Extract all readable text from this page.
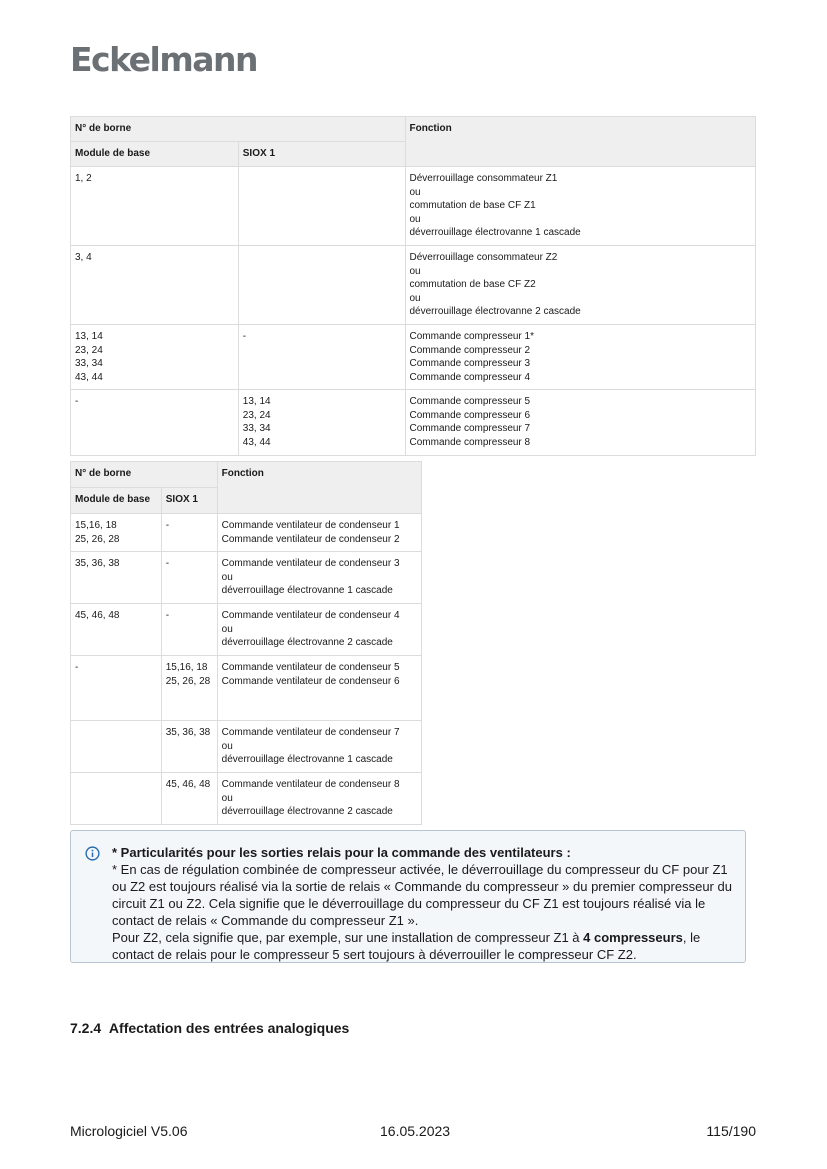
Eckelmann
N° de borne		Fonction
Module de base	SIOX 1	
1, 2		Déverrouillage consommateur Z1
ou
commutation de base CF Z1
ou
déverrouillage électrovanne 1 cascade
3, 4		Déverrouillage consommateur Z2
ou
commutation de base CF Z2
ou
déverrouillage électrovanne 2 cascade
13, 14
23, 24
33, 34
43, 44	-	Commande compresseur 1*
Commande compresseur 2
Commande compresseur 3
Commande compresseur 4
-	13, 14
23, 24
33, 34
43, 44	Commande compresseur 5
Commande compresseur 6
Commande compresseur 7
Commande compresseur 8
N° de borne		Fonction
Module de base	SIOX 1	
15,16, 18
25, 26, 28	-	Commande ventilateur de condenseur 1
Commande ventilateur de condenseur 2
35, 36, 38	-	Commande ventilateur de condenseur 3
ou
déverrouillage électrovanne 1 cascade
45, 46, 48	-	Commande ventilateur de condenseur 4
ou
déverrouillage électrovanne 2 cascade
-	15,16, 18
25, 26, 28	Commande ventilateur de condenseur 5
Commande ventilateur de condenseur 6
	35, 36, 38	Commande ventilateur de condenseur 7
ou
déverrouillage électrovanne 1 cascade
	45, 46, 48	Commande ventilateur de condenseur 8
ou
déverrouillage électrovanne 2 cascade
* Particularités pour les sorties relais pour la commande des ventilateurs :
* En cas de régulation combinée de compresseur activée, le déverrouillage du compresseur du CF pour Z1 ou Z2 est toujours réalisé via la sortie de relais « Commande du compresseur » du premier compresseur du circuit Z1 ou Z2. Cela signifie que le déverrouillage du compresseur du CF Z1 est toujours réalisé via le contact de relais « Commande du compresseur Z1 ».
Pour Z2, cela signifie que, par exemple, sur une installation de compresseur Z1 à 4 compresseurs, le contact de relais pour le compresseur 5 sert toujours à déverrouiller le compresseur CF Z2.
7.2.4 Affectation des entrées analogiques
Micrologiciel V5.06	16.05.2023	115/190
